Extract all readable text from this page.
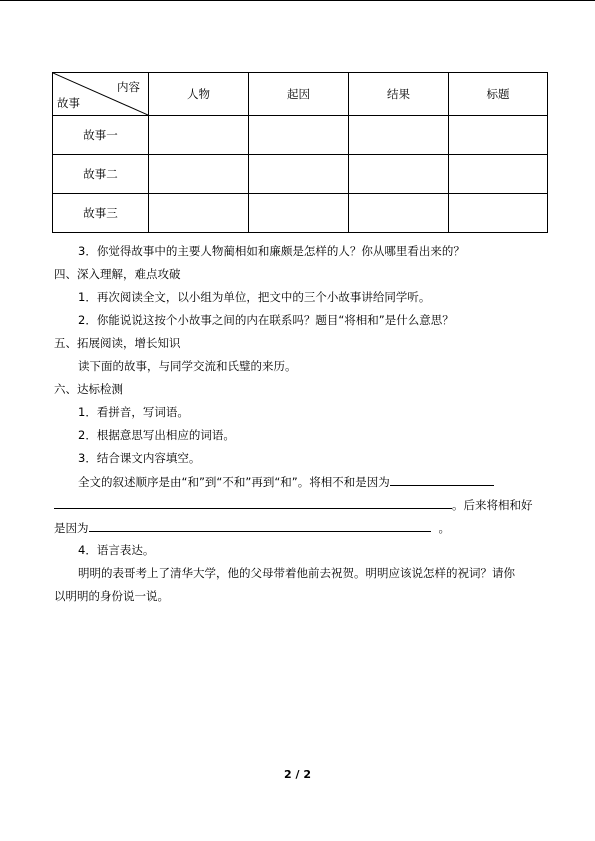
内容
故事	人物	起因	结果	标题
故事一				
故事二				
故事三				
3．你觉得故事中的主要人物蔺相如和廉颇是怎样的人？你从哪里看出来的？
四、深入理解，难点攻破
1．再次阅读全文，以小组为单位，把文中的三个小故事讲给同学听。
2．你能说说这按个小故事之间的内在联系吗？题目“将相和”是什么意思？
五、拓展阅读，增长知识
读下面的故事，与同学交流和氏璧的来历。
六、达标检测
1．看拼音，写词语。
2．根据意思写出相应的词语。
3．结合课文内容填空。
全文的叙述顺序是由“和”到“不和”再到“和”。将相不和是因为
。后来将相和好
是因为	。
4．语言表达。
明明的表哥考上了清华大学，他的父母带着他前去祝贺。明明应该说怎样的祝词？请你
以明明的身份说一说。
2 / 2
